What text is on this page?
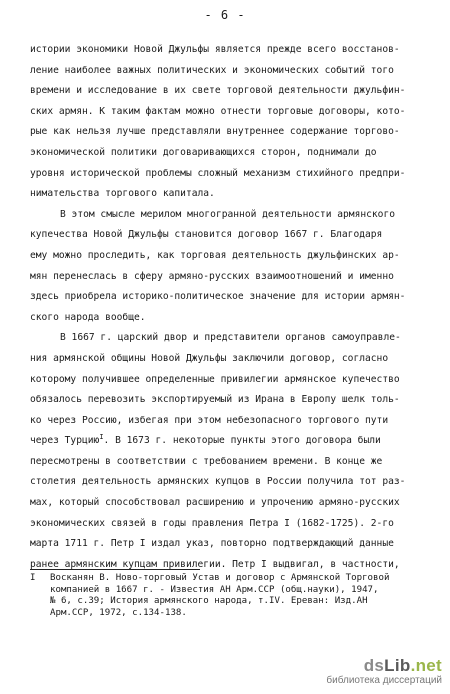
- 6 -
истории экономики Новой Джульфы является прежде всего восстанов-
ление наиболее важных политических и экономических событий того
времени и исследование в их свете торговой деятельности джульфин-
ских армян. К таким фактам можно отнести торговые договоры, кото-
рые как нельзя лучше представляли внутреннее содержание торгово-
экономической политики договаривающихся сторон, поднимали до
уровня исторической проблемы сложный механизм стихийного предпри-
нимательства торгового капитала.
В этом смысле мерилом многогранной деятельности армянского
купечества Новой Джульфы становится договор 1667 г. Благодаря
ему можно проследить, как торговая деятельность джульфинских ар-
мян перенеслась в сферу армяно-русских взаимоотношений и именно
здесь приобрела историко-политическое значение для истории армян-
ского народа вообще.
В 1667 г. царский двор и представители органов самоуправле-
ния армянской общины Новой Джульфы заключили договор, согласно
которому получившее определенные привилегии армянское купечество
обязалось перевозить экспортируемый из Ирана в Европу шелк толь-
ко через Россию, избегая при этом небезопасного торгового пути
через Турцию$^I$. В 1673 г. некоторые пункты этого договора были
пересмотрены в соответствии с требованием времени. В конце же
столетия деятельность армянских купцов в России получила тот раз-
мах, который способствовал расширению и упрочению армяно-русских
экономических связей в годы правления Петра I (1682-1725). 2-го
марта 1711 г. Петр I издал указ, повторно подтверждающий данные
ранее армянским купцам привилегии. Петр I выдвигал, в частности,
I Восканян В. Ново-торговый Устав и договор с Армянской Торговой
компанией в 1667 г. - Известия АН Арм.ССР (общ.науки), 1947,
№ 6, с.39; История армянского народа, т.IV. Ереван: Изд.АН
Арм.ССР, 1972, с.134-138.
dsLib.net
библиотека диссертаций
